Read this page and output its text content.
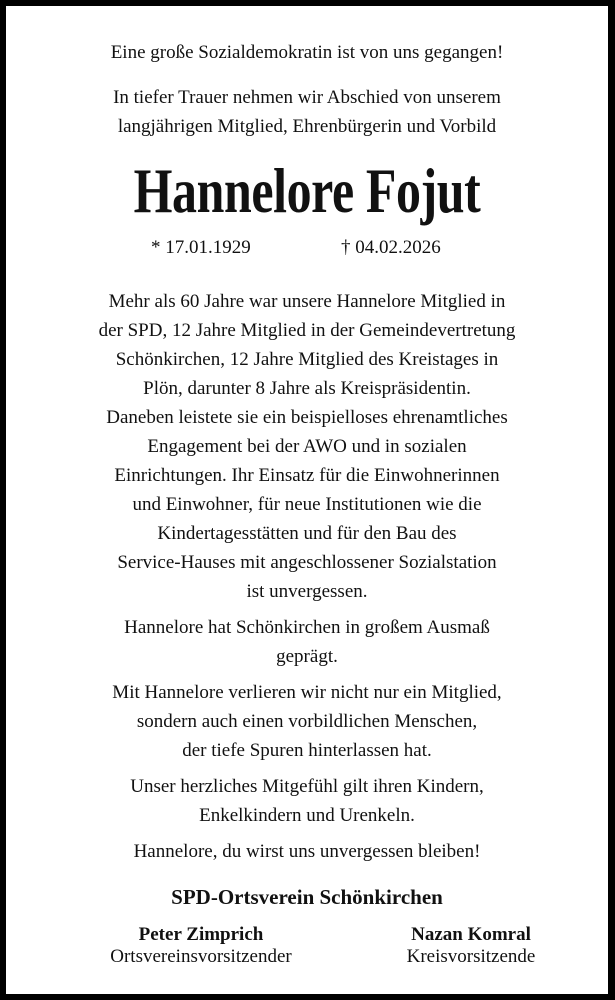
Eine große Sozialdemokratin ist von uns gegangen!
In tiefer Trauer nehmen wir Abschied von unserem
langjährigen Mitglied, Ehrenbürgerin und Vorbild
Hannelore Fojut
* 17.01.1929	† 04.02.2026

Mehr als 60 Jahre war unsere Hannelore Mitglied in
der SPD, 12 Jahre Mitglied in der Gemeindevertretung
Schönkirchen, 12 Jahre Mitglied des Kreistages in
Plön, darunter 8 Jahre als Kreispräsidentin.
Daneben leistete sie ein beispielloses ehrenamtliches
Engagement bei der AWO und in sozialen
Einrichtungen. Ihr Einsatz für die Einwohnerinnen
und Einwohner, für neue Institutionen wie die
Kindertagesstätten und für den Bau des
Service-Hauses mit angeschlossener Sozialstation
ist unvergessen.

Hannelore hat Schönkirchen in großem Ausmaß
geprägt.

Mit Hannelore verlieren wir nicht nur ein Mitglied,
sondern auch einen vorbildlichen Menschen,
der tiefe Spuren hinterlassen hat.

Unser herzliches Mitgefühl gilt ihren Kindern,
Enkelkindern und Urenkeln.

Hannelore, du wirst uns unvergessen bleiben!

SPD-Ortsverein Schönkirchen
Peter Zimprich
Ortsvereinsvorsitzender
Nazan Komral
Kreisvorsitzende
